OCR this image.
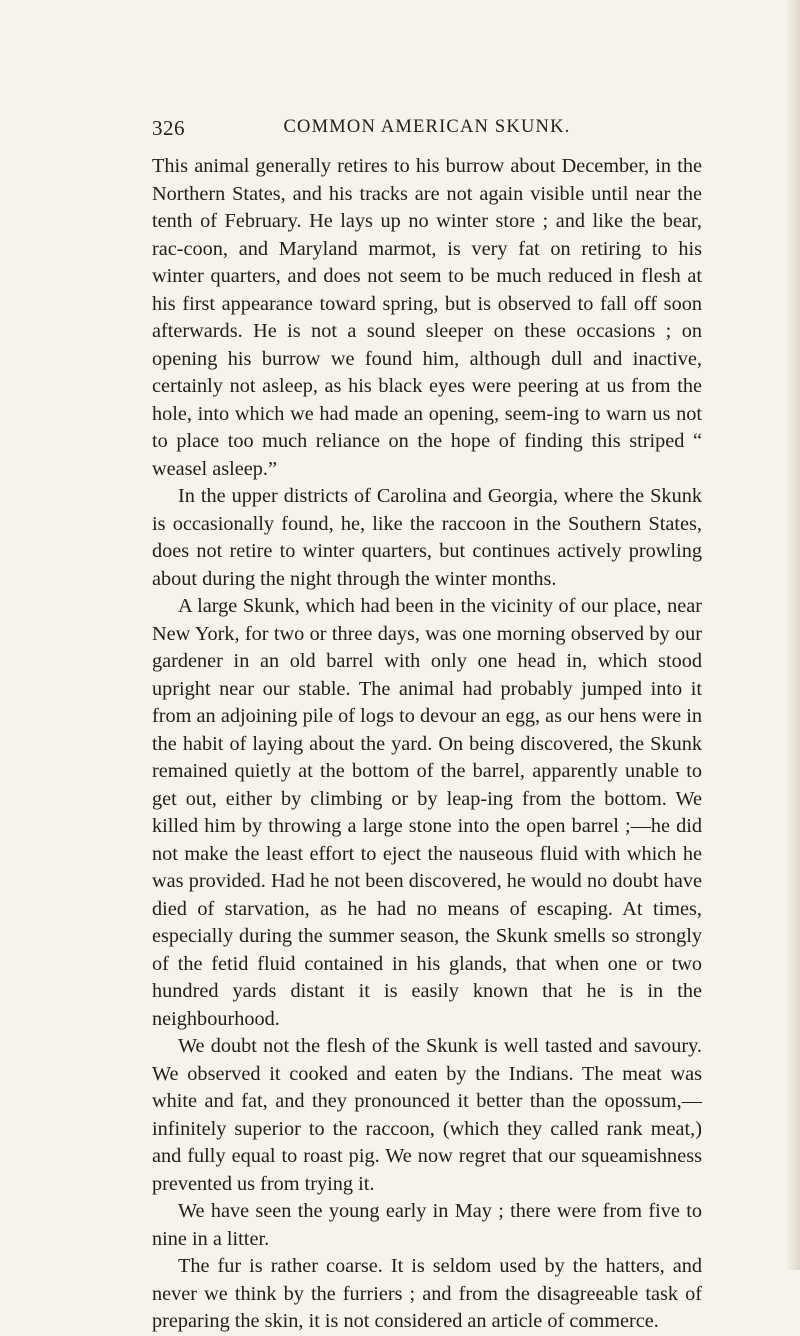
326	COMMON AMERICAN SKUNK.

This animal generally retires to his burrow about December, in the Northern States, and his tracks are not again visible until near the tenth of February. He lays up no winter store ; and like the bear, rac-coon, and Maryland marmot, is very fat on retiring to his winter quarters, and does not seem to be much reduced in flesh at his first appearance toward spring, but is observed to fall off soon afterwards. He is not a sound sleeper on these occasions ; on opening his burrow we found him, although dull and inactive, certainly not asleep, as his black eyes were peering at us from the hole, into which we had made an opening, seem-ing to warn us not to place too much reliance on the hope of finding this striped “ weasel asleep.”

In the upper districts of Carolina and Georgia, where the Skunk is occasionally found, he, like the raccoon in the Southern States, does not retire to winter quarters, but continues actively prowling about during the night through the winter months.

A large Skunk, which had been in the vicinity of our place, near New York, for two or three days, was one morning observed by our gardener in an old barrel with only one head in, which stood upright near our stable. The animal had probably jumped into it from an adjoining pile of logs to devour an egg, as our hens were in the habit of laying about the yard. On being discovered, the Skunk remained quietly at the bottom of the barrel, apparently unable to get out, either by climbing or by leap-ing from the bottom. We killed him by throwing a large stone into the open barrel ;—he did not make the least effort to eject the nauseous fluid with which he was provided. Had he not been discovered, he would no doubt have died of starvation, as he had no means of escaping. At times, especially during the summer season, the Skunk smells so strongly of the fetid fluid contained in his glands, that when one or two hundred yards distant it is easily known that he is in the neighbourhood.

We doubt not the flesh of the Skunk is well tasted and savoury. We observed it cooked and eaten by the Indians. The meat was white and fat, and they pronounced it better than the opossum,—infinitely superior to the raccoon, (which they called rank meat,) and fully equal to roast pig. We now regret that our squeamishness prevented us from trying it.

We have seen the young early in May ; there were from five to nine in a litter.

The fur is rather coarse. It is seldom used by the hatters, and never we think by the furriers ; and from the disagreeable task of preparing the skin, it is not considered an article of commerce.
